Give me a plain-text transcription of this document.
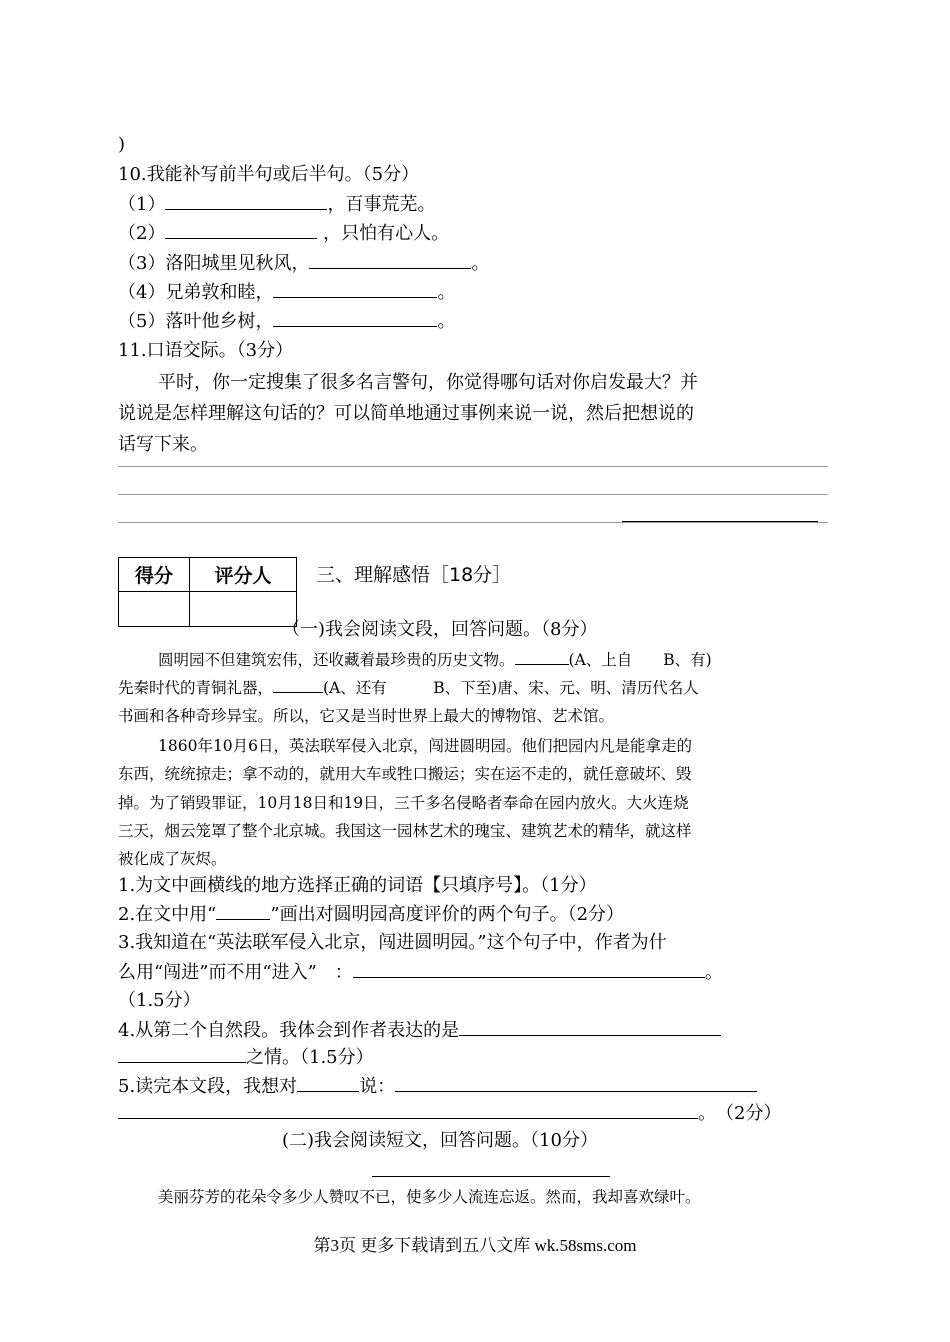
)
10.我能补写前半句或后半句。（5分）
（1）	，百事荒芜。
（2）	，只怕有心人。
（3）洛阳城里见秋风，	。
（4）兄弟敦和睦，	。
（5）落叶他乡树，	。
11.口语交际。（3分）
平时，你一定搜集了很多名言警句，你觉得哪句话对你启发最大？并
说说是怎样理解这句话的？可以简单地通过事例来说一说，然后把想说的
话写下来。
得分	评分人
	三、理解感悟［18分］
（一)我会阅读文段，回答问题。（8分）
圆明园不但建筑宏伟，还收藏着最珍贵的历史文物。	(A、上自　　B、有)
先秦时代的青铜礼器，	(A、还有　　　B、下至)唐、宋、元、明、清历代名人
书画和各种奇珍异宝。所以，它又是当时世界上最大的博物馆、艺术馆。
1860年10月6日，英法联军侵入北京，闯进圆明园。他们把园内凡是能拿走的
东西，统统掠走；拿不动的，就用大车或牲口搬运；实在运不走的，就任意破坏、毁
掉。为了销毁罪证，10月18日和19日，三千多名侵略者奉命在园内放火。大火连烧
三天，烟云笼罩了整个北京城。我国这一园林艺术的瑰宝、建筑艺术的精华，就这样
被化成了灰烬。
1.为文中画横线的地方选择正确的词语【只填序号】。（1分）
2.在文中用“	”画出对圆明园高度评价的两个句子。（2分）
3.我知道在“英法联军侵入北京，闯进圆明园。”这个句子中，作者为什
么用“闯进”而不用“进入”　：	。
（1.5分）
4.从第二个自然段。我体会到作者表达的是
之情。（1.5分）
5.读完本文段，我想对	说：
。　（2分）
(二)我会阅读短文，回答问题。（10分）
美丽芬芳的花朵令多少人赞叹不已，使多少人流连忘返。然而，我却喜欢绿叶。
第3页 更多下载请到五八文库 wk.58sms.com
